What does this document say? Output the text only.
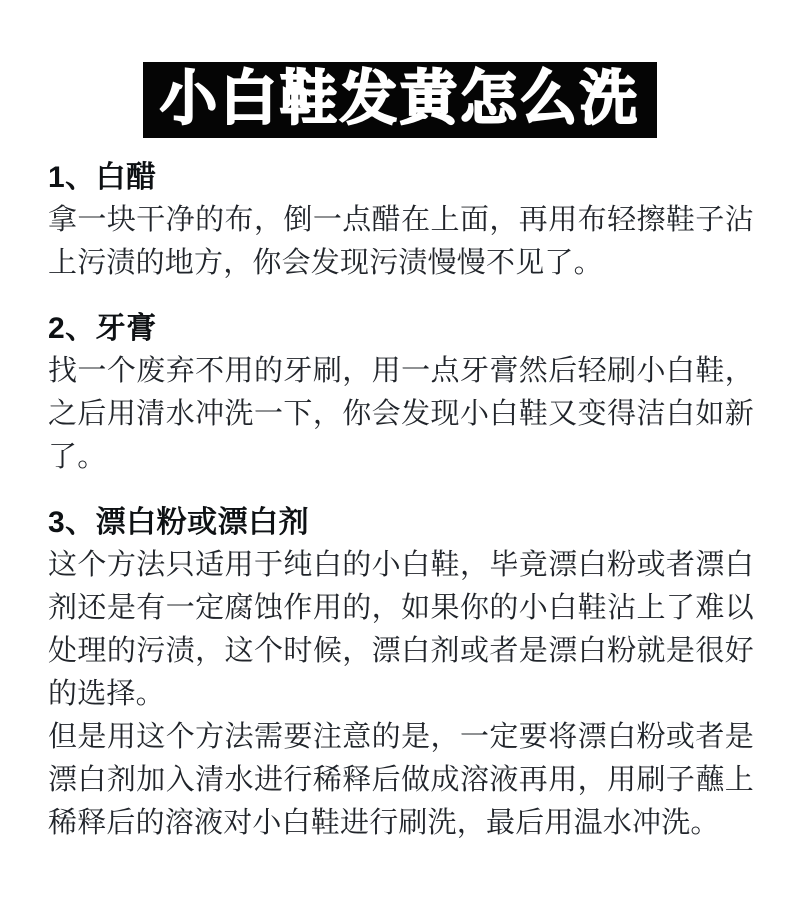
小白鞋发黄怎么洗
1、白醋

拿一块干净的布，倒一点醋在上面，再用布轻擦鞋子沾上污渍的地方，你会发现污渍慢慢不见了。

2、牙膏

找一个废弃不用的牙刷，用一点牙膏然后轻刷小白鞋，之后用清水冲洗一下，你会发现小白鞋又变得洁白如新了。

3、漂白粉或漂白剂

这个方法只适用于纯白的小白鞋，毕竟漂白粉或者漂白剂还是有一定腐蚀作用的，如果你的小白鞋沾上了难以处理的污渍，这个时候，漂白剂或者是漂白粉就是很好的选择。

但是用这个方法需要注意的是，一定要将漂白粉或者是漂白剂加入清水进行稀释后做成溶液再用，用刷子蘸上稀释后的溶液对小白鞋进行刷洗，最后用温水冲洗。
